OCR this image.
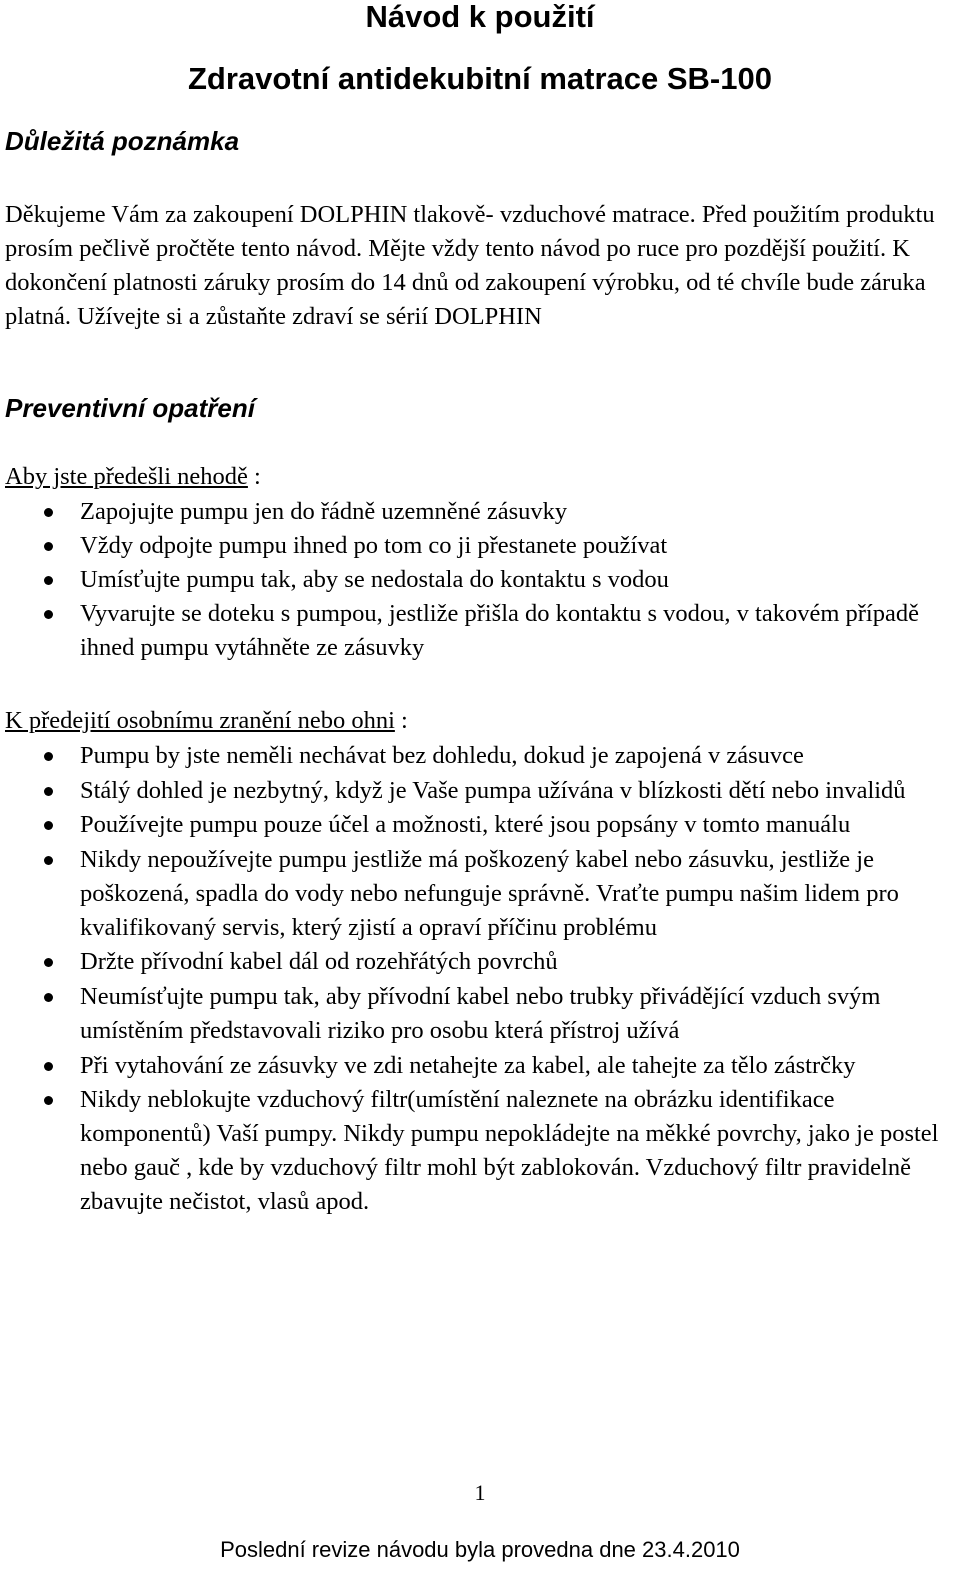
Návod k použití
Zdravotní antidekubitní matrace SB-100
Důležitá poznámka

Děkujeme Vám za zakoupení DOLPHIN tlakově- vzduchové matrace. Před použitím produktu prosím pečlivě pročtěte tento návod. Mějte vždy tento návod po ruce pro pozdější použití. K dokončení platnosti záruky prosím do 14 dnů od zakoupení výrobku, od té chvíle bude záruka platná. Užívejte si a zůstaňte zdraví se sérií DOLPHIN

Preventivní opatření

Aby jste předešli nehodě :

Zapojujte pumpu jen do řádně uzemněné zásuvky
Vždy odpojte pumpu ihned po tom co ji přestanete používat
Umísťujte pumpu tak, aby se nedostala do kontaktu s vodou
Vyvarujte se doteku s pumpou, jestliže přišla do kontaktu s vodou, v takovém případě ihned pumpu vytáhněte ze zásuvky

K předejití osobnímu zranění nebo ohni :

Pumpu by jste neměli nechávat bez dohledu, dokud je zapojená v zásuvce
Stálý dohled je nezbytný, když je Vaše pumpa užívána v blízkosti dětí nebo invalidů
Používejte pumpu pouze účel a možnosti, které jsou popsány v tomto manuálu
Nikdy nepoužívejte pumpu jestliže má poškozený kabel nebo zásuvku, jestliže je poškozená, spadla do vody nebo nefunguje správně. Vraťte pumpu našim lidem pro kvalifikovaný servis, který zjistí a opraví příčinu problému
Držte přívodní kabel dál od rozehřátých povrchů
Neumísťujte pumpu tak, aby přívodní kabel nebo trubky přivádějící vzduch svým umístěním představovali riziko pro osobu která přístroj užívá
Při vytahování ze zásuvky ve zdi netahejte za kabel, ale tahejte za tělo zástrčky
Nikdy neblokujte vzduchový filtr(umístění naleznete na obrázku identifikace komponentů) Vaší pumpy. Nikdy pumpu nepokládejte na měkké povrchy, jako je postel nebo gauč , kde by vzduchový filtr mohl být zablokován. Vzduchový filtr pravidelně zbavujte nečistot, vlasů apod.

1

Poslední revize návodu byla provedna dne 23.4.2010
